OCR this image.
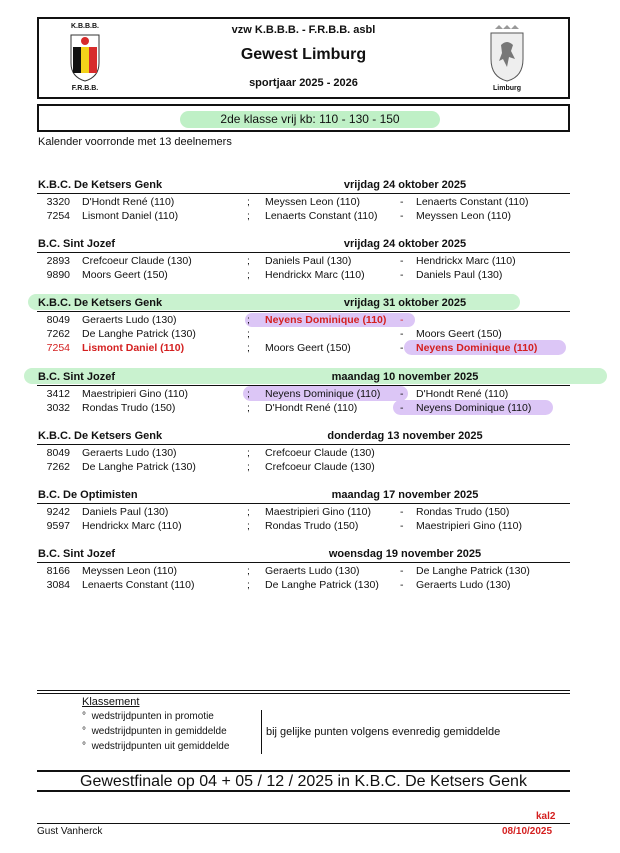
vzw K.B.B.B. - F.R.B.B. asbl
Gewest Limburg
sportjaar 2025 - 2026
K.B.B.B.
F.R.B.B.	Limburg
2de klasse vrij kb: 110 - 130 - 150
Kalender voorronde met 13 deelnemers
K.B.C. De Ketsers Genk	vrijdag 24 oktober 2025
3320 D'Hondt René (110)	; Meyssen Leon (110)	- Lenaerts Constant (110)
7254 Lismont Daniel (110)	; Lenaerts Constant (110) - Meyssen Leon (110)
B.C. Sint Jozef	vrijdag 24 oktober 2025
2893 Crefcoeur Claude (130)	; Daniels Paul (130)	- Hendrickx Marc (110)
9890 Moors Geert (150)	; Hendrickx Marc (110)	- Daniels Paul (130)
K.B.C. De Ketsers Genk	vrijdag 31 oktober 2025
8049 Geraerts Ludo (130)	; Neyens Dominique (110) -
7262 De Langhe Patrick (130)	;	- Moors Geert (150)
7254 Lismont Daniel (110)	; Moors Geert (150)	- Neyens Dominique (110)
B.C. Sint Jozef	maandag 10 november 2025
3412 Maestripieri Gino (110)	; Neyens Dominique (110) - D'Hondt René (110)
3032 Rondas Trudo (150)	; D'Hondt René (110)	- Neyens Dominique (110)
K.B.C. De Ketsers Genk	donderdag 13 november 2025
8049 Geraerts Ludo (130)	; Crefcoeur Claude (130)
7262 De Langhe Patrick (130)	; Crefcoeur Claude (130)
B.C. De Optimisten	maandag 17 november 2025
9242 Daniels Paul (130)	; Maestripieri Gino (110)	- Rondas Trudo (150)
9597 Hendrickx Marc (110)	; Rondas Trudo (150)	- Maestripieri Gino (110)
B.C. Sint Jozef	woensdag 19 november 2025
8166 Meyssen Leon (110)	; Geraerts Ludo (130)	- De Langhe Patrick (130)
3084 Lenaerts Constant (110)	; De Langhe Patrick (130) - Geraerts Ludo (130)
Klassement
°  wedstrijdpunten in promotie
°  wedstrijdpunten in gemiddelde
°  wedstrijdpunten uit gemiddelde
bij gelijke punten volgens evenredig gemiddelde
Gewestfinale op 04 + 05 / 12 / 2025 in K.B.C. De Ketsers Genk
kal2
Gust Vanherck	08/10/2025
